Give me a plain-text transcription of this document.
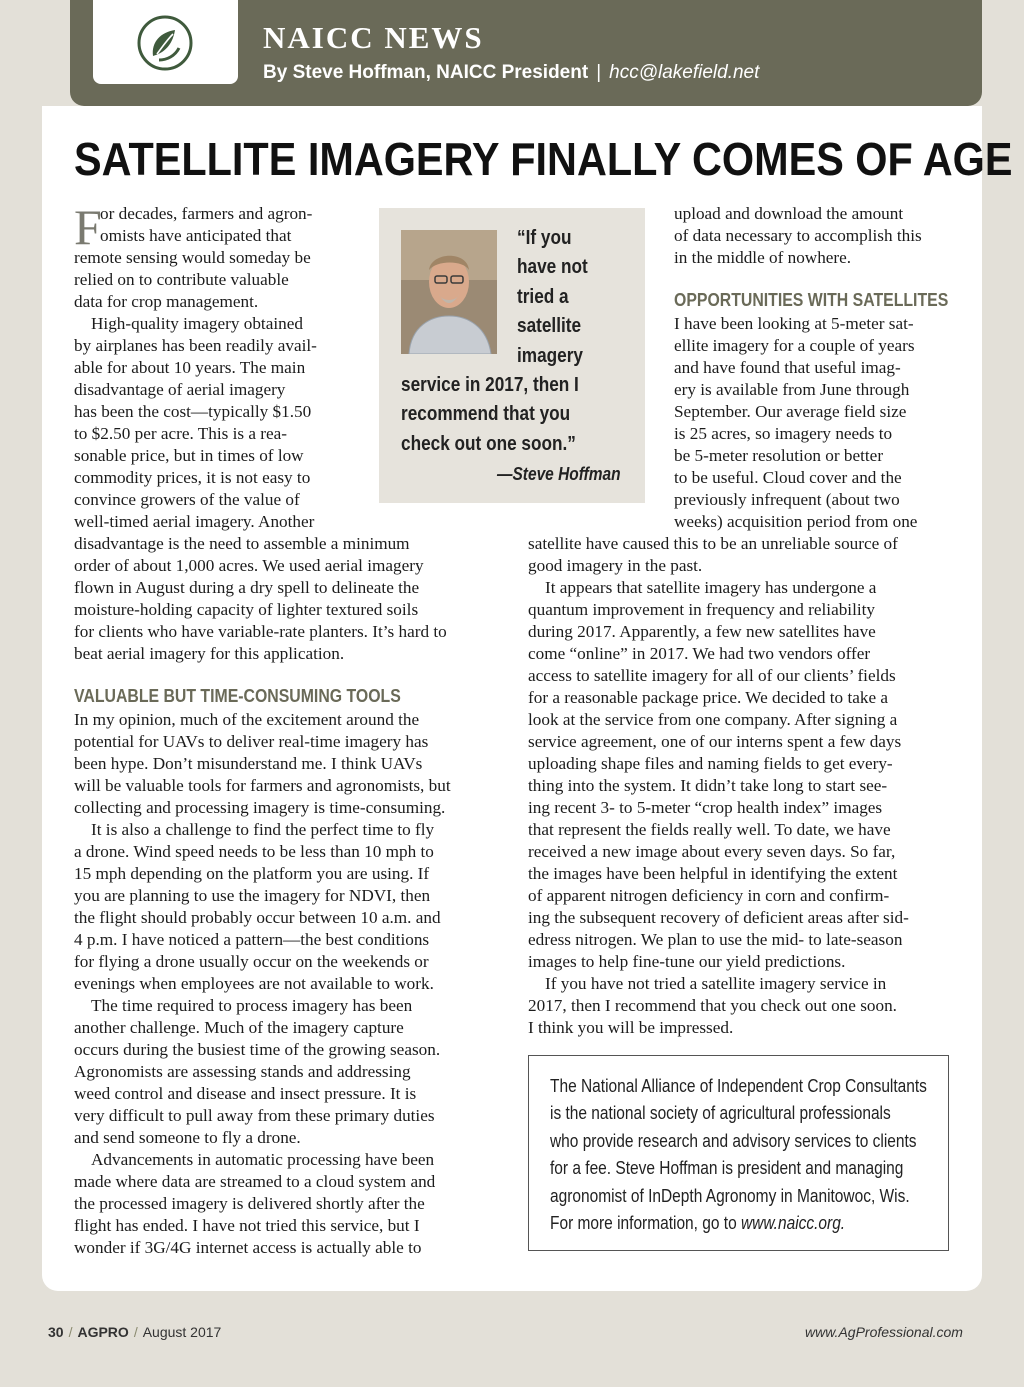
NAICC NEWS
By Steve Hoffman, NAICC President | hcc@lakefield.net
SATELLITE IMAGERY FINALLY COMES OF AGE
F
or decades, farmers and agron-
omists have anticipated that
remote sensing would someday be
relied on to contribute valuable
data for crop management.
High-quality imagery obtained
by airplanes has been readily avail-
able for about 10 years. The main
disadvantage of aerial imagery
has been the cost—typically $1.50
to $2.50 per acre. This is a rea-
sonable price, but in times of low
commodity prices, it is not easy to
convince growers of the value of
well-timed aerial imagery. Another
disadvantage is the need to assemble a minimum
order of about 1,000 acres. We used aerial imagery
flown in August during a dry spell to delineate the
moisture-holding capacity of lighter textured soils
for clients who have variable-rate planters. It’s hard to
beat aerial imagery for this application.
VALUABLE BUT TIME-CONSUMING TOOLS
In my opinion, much of the excitement around the
potential for UAVs to deliver real-time imagery has
been hype. Don’t misunderstand me. I think UAVs
will be valuable tools for farmers and agronomists, but
collecting and processing imagery is time-consuming.
It is also a challenge to find the perfect time to fly
a drone. Wind speed needs to be less than 10 mph to
15 mph depending on the platform you are using. If
you are planning to use the imagery for NDVI, then
the flight should probably occur between 10 a.m. and
4 p.m. I have noticed a pattern—the best conditions
for flying a drone usually occur on the weekends or
evenings when employees are not available to work.
The time required to process imagery has been
another challenge. Much of the imagery capture
occurs during the busiest time of the growing season.
Agronomists are assessing stands and addressing
weed control and disease and insect pressure. It is
very difficult to pull away from these primary duties
and send someone to fly a drone.
Advancements in automatic processing have been
made where data are streamed to a cloud system and
the processed imagery is delivered shortly after the
flight has ended. I have not tried this service, but I
wonder if 3G/4G internet access is actually able to
“If you
have not
tried a
satellite
imagery
service in 2017, then I
recommend that you
check out one soon.”
—Steve Hoffman
upload and download the amount
of data necessary to accomplish this
in the middle of nowhere.
OPPORTUNITIES WITH SATELLITES
I have been looking at 5-meter sat-
ellite imagery for a couple of years
and have found that useful imag-
ery is available from June through
September. Our average field size
is 25 acres, so imagery needs to
be 5-meter resolution or better
to be useful. Cloud cover and the
previously infrequent (about two
weeks) acquisition period from one
satellite have caused this to be an unreliable source of
good imagery in the past.
It appears that satellite imagery has undergone a
quantum improvement in frequency and reliability
during 2017. Apparently, a few new satellites have
come “online” in 2017. We had two vendors offer
access to satellite imagery for all of our clients’ fields
for a reasonable package price. We decided to take a
look at the service from one company. After signing a
service agreement, one of our interns spent a few days
uploading shape files and naming fields to get every-
thing into the system. It didn’t take long to start see-
ing recent 3- to 5-meter “crop health index” images
that represent the fields really well. To date, we have
received a new image about every seven days. So far,
the images have been helpful in identifying the extent
of apparent nitrogen deficiency in corn and confirm-
ing the subsequent recovery of deficient areas after sid-
edress nitrogen. We plan to use the mid- to late-season
images to help fine-tune our yield predictions.
If you have not tried a satellite imagery service in
2017, then I recommend that you check out one soon.
I think you will be impressed.
The National Alliance of Independent Crop Consultants
is the national society of agricultural professionals
who provide research and advisory services to clients
for a fee. Steve Hoffman is president and managing
agronomist of InDepth Agronomy in Manitowoc, Wis.
For more information, go to www.naicc.org.
30 / AGPRO / August 2017	www.AgProfessional.com
